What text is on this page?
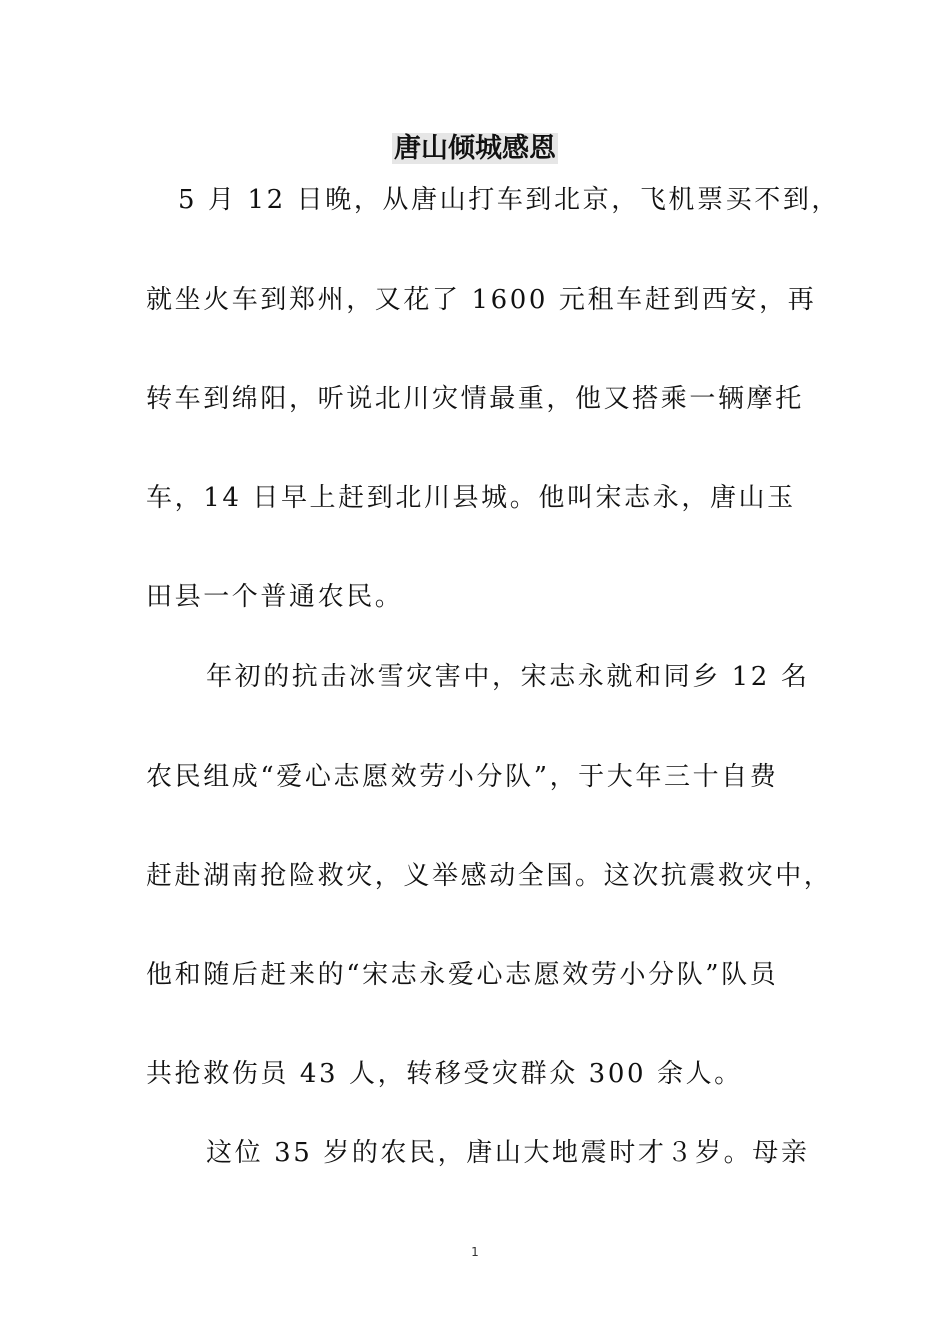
唐山倾城感恩
5 月 12 日晚，从唐山打车到北京，飞机票买不到，
就坐火车到郑州，又花了 1600 元租车赶到西安，再
转车到绵阳，听说北川灾情最重，他又搭乘一辆摩托
车，14 日早上赶到北川县城。他叫宋志永，唐山玉
田县一个普通农民。
年初的抗击冰雪灾害中，宋志永就和同乡 12 名
农民组成“爱心志愿效劳小分队”，于大年三十自费
赶赴湖南抢险救灾，义举感动全国。这次抗震救灾中，
他和随后赶来的“宋志永爱心志愿效劳小分队”队员
共抢救伤员 43 人，转移受灾群众 300 余人。
这位 35 岁的农民，唐山大地震时才３岁。母亲
1
